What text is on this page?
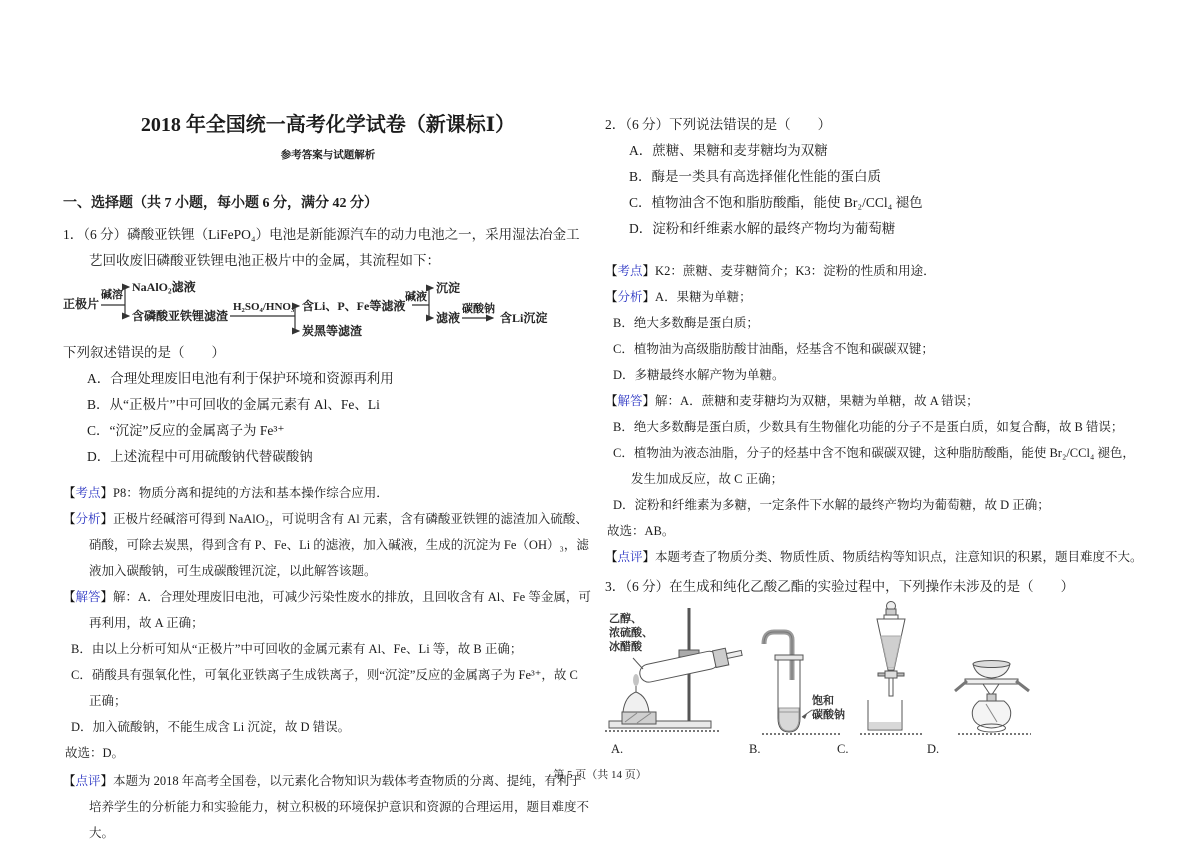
2018 年全国统一高考化学试卷（新课标Ⅰ）
参考答案与试题解析
一、选择题（共 7 小题，每小题 6 分，满分 42 分）

1．（6 分）磷酸亚铁锂（LiFePO₄）电池是新能源汽车的动力电池之一，采用湿法冶金工艺回收废旧磷酸亚铁锂电池正极片中的金属，其流程如下：

正极片
碱溶
NaAlO₂滤液
含磷酸亚铁锂滤渣
H₂SO₄/HNO₃ 含Li、P、Fe等滤液
炭黑等滤渣
碱液
沉淀
滤液
碳酸钠
含Li沉淀

下列叙述错误的是（　　）

A．合理处理废旧电池有利于保护环境和资源再利用

B．从“正极片”中可回收的金属元素有 Al、Fe、Li

C．“沉淀”反应的金属离子为 Fe³⁺

D．上述流程中可用硫酸钠代替碳酸钠

【考点】P8：物质分离和提纯的方法和基本操作综合应用．

【分析】正极片经碱溶可得到 NaAlO₂，可说明含有 Al 元素，含有磷酸亚铁锂的滤渣加入硫酸、硝酸，可除去炭黑，得到含有 P、Fe、Li 的滤液，加入碱液，生成的沉淀为 Fe（OH）₃，滤液加入碳酸钠，可生成碳酸锂沉淀，以此解答该题。

【解答】解：A．合理处理废旧电池，可减少污染性废水的排放，且回收含有 Al、Fe 等金属，可再利用，故 A 正确；

B．由以上分析可知从“正极片”中可回收的金属元素有 Al、Fe、Li 等，故 B 正确；

C．硝酸具有强氧化性，可氧化亚铁离子生成铁离子，则“沉淀”反应的金属离子为 Fe³⁺，故 C 正确；

D．加入硫酸钠，不能生成含 Li 沉淀，故 D 错误。

故选：D。

【点评】本题为 2018 年高考全国卷，以元素化合物知识为载体考查物质的分离、提纯，有利于培养学生的分析能力和实验能力，树立积极的环境保护意识和资源的合理运用，题目难度不大。

2．（6 分）下列说法错误的是（　　）

A．蔗糖、果糖和麦芽糖均为双糖

B．酶是一类具有高选择催化性能的蛋白质

C．植物油含不饱和脂肪酸酯，能使 Br₂/CCl₄ 褪色

D．淀粉和纤维素水解的最终产物均为葡萄糖

【考点】K2：蔗糖、麦芽糖简介；K3：淀粉的性质和用途．

【分析】A．果糖为单糖；

B．绝大多数酶是蛋白质；

C．植物油为高级脂肪酸甘油酯，烃基含不饱和碳碳双键；

D．多糖最终水解产物为单糖。

【解答】解：A．蔗糖和麦芽糖均为双糖，果糖为单糖，故 A 错误；

B．绝大多数酶是蛋白质，少数具有生物催化功能的分子不是蛋白质，如复合酶，故 B 错误；

C．植物油为液态油脂，分子的烃基中含不饱和碳碳双键，这种脂肪酸酯，能使 Br₂/CCl₄ 褪色，发生加成反应，故 C 正确；

D．淀粉和纤维素为多糖，一定条件下水解的最终产物均为葡萄糖，故 D 正确；

故选：AB。

【点评】本题考查了物质分类、物质性质、物质结构等知识点，注意知识的积累，题目难度不大。

3．（6 分）在生成和纯化乙酸乙酯的实验过程中，下列操作未涉及的是（　　）

乙醇、
浓硫酸、
冰醋酸
饱和
碳酸钠
A.	B.	C.	D.
第 5 页（共 14 页）
